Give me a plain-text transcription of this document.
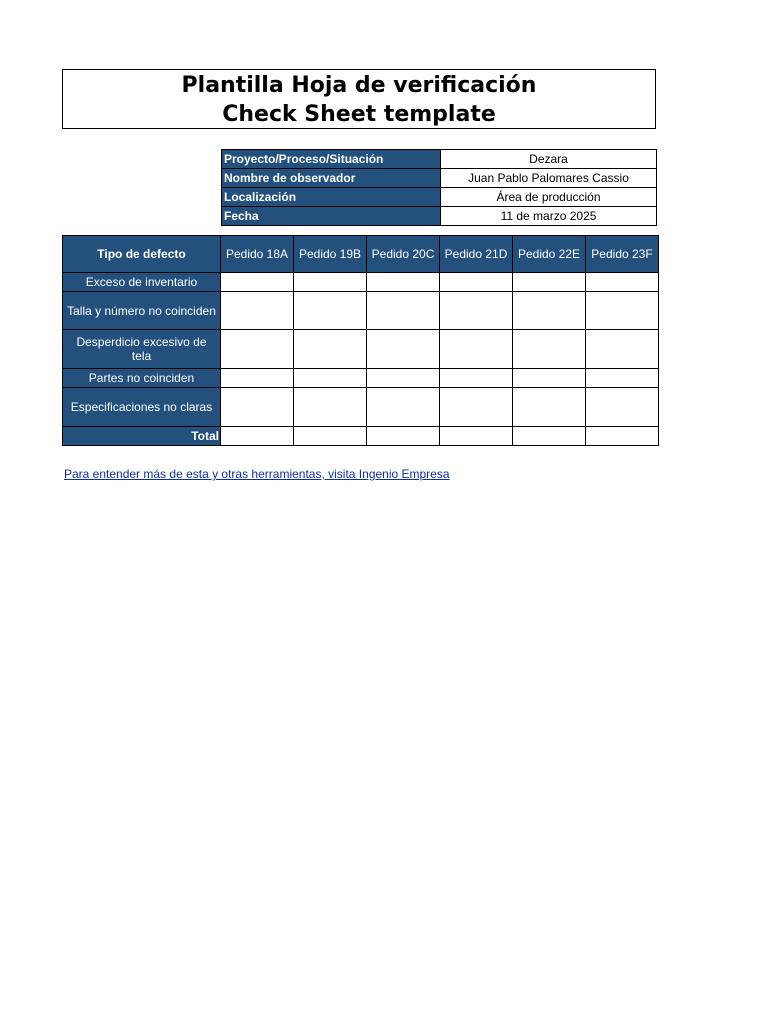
Plantilla Hoja de verificación
Check Sheet template
Proyecto/Proceso/Situación	Dezara
Nombre de observador	Juan Pablo Palomares Cassio
Localización	Área de producción
Fecha	11 de marzo 2025
Tipo de defecto	Pedido 18A	Pedido 19B	Pedido 20C	Pedido 21D	Pedido 22E	Pedido 23F
Exceso de inventario						
Talla y número no coinciden						
Desperdicio excesivo de tela						
Partes no coinciden						
Especificaciones no claras						
Total						
Para entender más de esta y otras herramientas, visita Ingenio Empresa
